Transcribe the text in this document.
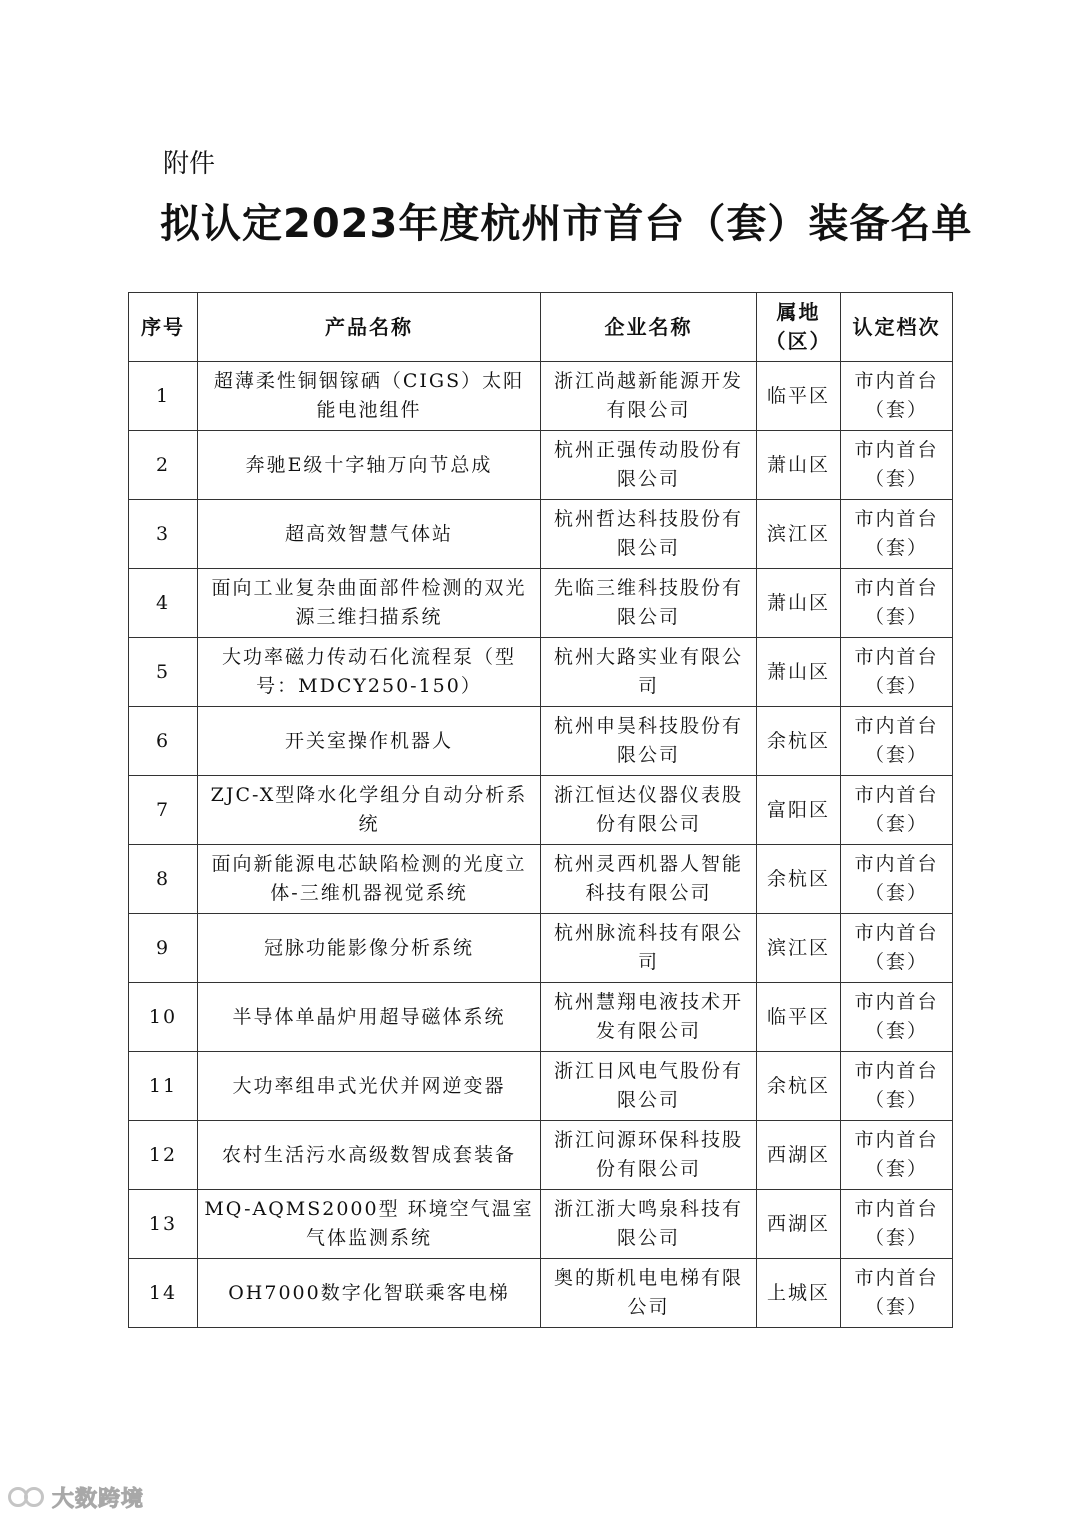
附件
拟认定2023年度杭州市首台（套）装备名单
序号	产品名称	企业名称	属地（区）	认定档次
1	超薄柔性铜铟镓硒（CIGS）太阳能电池组件	浙江尚越新能源开发有限公司	临平区	市内首台（套）
2	奔驰E级十字轴万向节总成	杭州正强传动股份有限公司	萧山区	市内首台（套）
3	超高效智慧气体站	杭州哲达科技股份有限公司	滨江区	市内首台（套）
4	面向工业复杂曲面部件检测的双光源三维扫描系统	先临三维科技股份有限公司	萧山区	市内首台（套）
5	大功率磁力传动石化流程泵（型号：MDCY250-150）	杭州大路实业有限公司	萧山区	市内首台（套）
6	开关室操作机器人	杭州申昊科技股份有限公司	余杭区	市内首台（套）
7	ZJC-X型降水化学组分自动分析系统	浙江恒达仪器仪表股份有限公司	富阳区	市内首台（套）
8	面向新能源电芯缺陷检测的光度立体-三维机器视觉系统	杭州灵西机器人智能科技有限公司	余杭区	市内首台（套）
9	冠脉功能影像分析系统	杭州脉流科技有限公司	滨江区	市内首台（套）
10	半导体单晶炉用超导磁体系统	杭州慧翔电液技术开发有限公司	临平区	市内首台（套）
11	大功率组串式光伏并网逆变器	浙江日风电气股份有限公司	余杭区	市内首台（套）
12	农村生活污水高级数智成套装备	浙江问源环保科技股份有限公司	西湖区	市内首台（套）
13	MQ-AQMS2000型 环境空气温室气体监测系统	浙江浙大鸣泉科技有限公司	西湖区	市内首台（套）
14	OH7000数字化智联乘客电梯	奥的斯机电电梯有限公司	上城区	市内首台（套）
大数跨境
